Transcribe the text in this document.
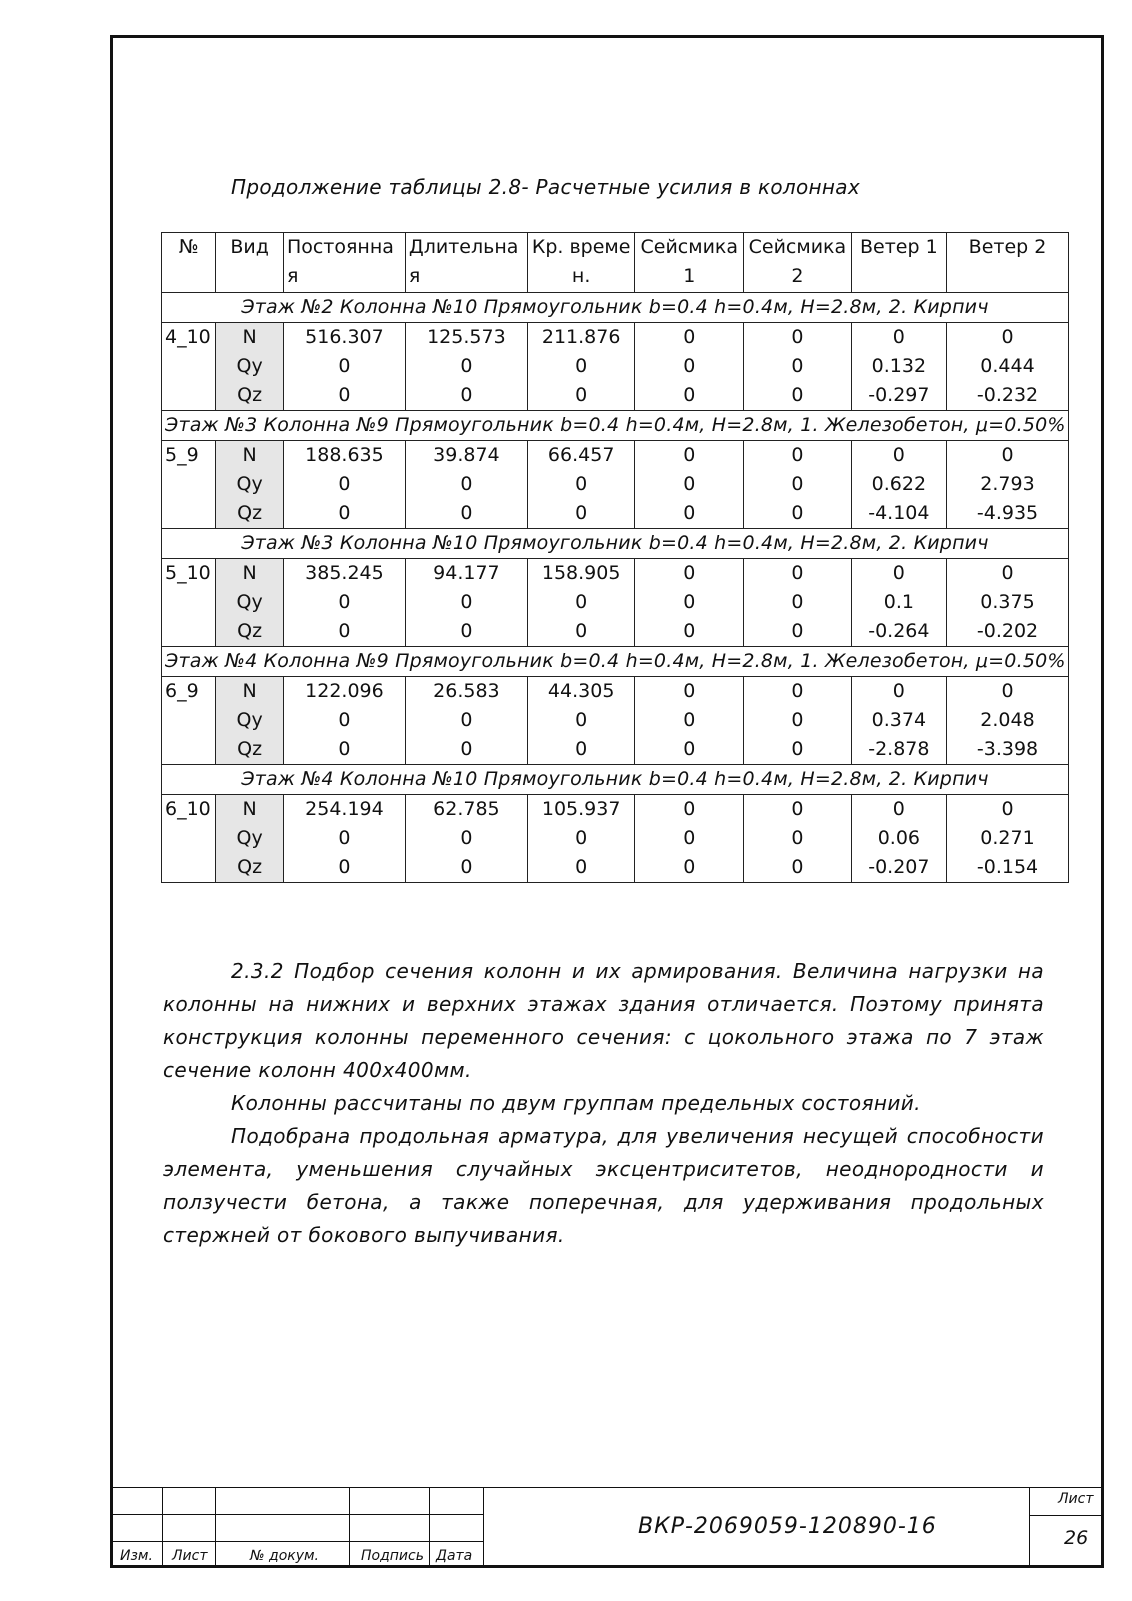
Продолжение таблицы 2.8- Расчетные усилия в колоннах
№	Вид	Постоянная	Длительная	Кр. времен.	Сейсмика 1	Сейсмика 2	Ветер 1	Ветер 2
Этаж №2 Колонна №10 Прямоугольник b=0.4 h=0.4м, H=2.8м, 2. Кирпич								
4_10	N	516.307	125.573	211.876	0	0	0	0
	Qy	0	0	0	0	0	0.132	0.444
	Qz	0	0	0	0	0	-0.297	-0.232
Этаж №3 Колонна №9 Прямоугольник b=0.4 h=0.4м, H=2.8м, 1. Железобетон, μ=0.50%								
5_9	N	188.635	39.874	66.457	0	0	0	0
	Qy	0	0	0	0	0	0.622	2.793
	Qz	0	0	0	0	0	-4.104	-4.935
Этаж №3 Колонна №10 Прямоугольник b=0.4 h=0.4м, H=2.8м, 2. Кирпич								
5_10	N	385.245	94.177	158.905	0	0	0	0
	Qy	0	0	0	0	0	0.1	0.375
	Qz	0	0	0	0	0	-0.264	-0.202
Этаж №4 Колонна №9 Прямоугольник b=0.4 h=0.4м, H=2.8м, 1. Железобетон, μ=0.50%								
6_9	N	122.096	26.583	44.305	0	0	0	0
	Qy	0	0	0	0	0	0.374	2.048
	Qz	0	0	0	0	0	-2.878	-3.398
Этаж №4 Колонна №10 Прямоугольник b=0.4 h=0.4м, H=2.8м, 2. Кирпич								
6_10	N	254.194	62.785	105.937	0	0	0	0
	Qy	0	0	0	0	0	0.06	0.271
	Qz	0	0	0	0	0	-0.207	-0.154

2.3.2 Подбор сечения колонн и их армирования. Величина нагрузки на колонны на нижних и верхних этажах здания отличается. Поэтому принята конструкция колонны переменного сечения: с цокольного этажа по 7 этаж сечение колонн 400х400мм.

Колонны рассчитаны по двум группам предельных состояний.

Подобрана продольная арматура, для увеличения несущей способности элемента, уменьшения случайных эксцентриситетов, неоднородности и ползучести бетона, а также поперечная, для удерживания продольных стержней от бокового выпучивания.

Изм. Лист	№ докум.	Подпись Дата
ВКР-2069059-120890-16
Лист
26
